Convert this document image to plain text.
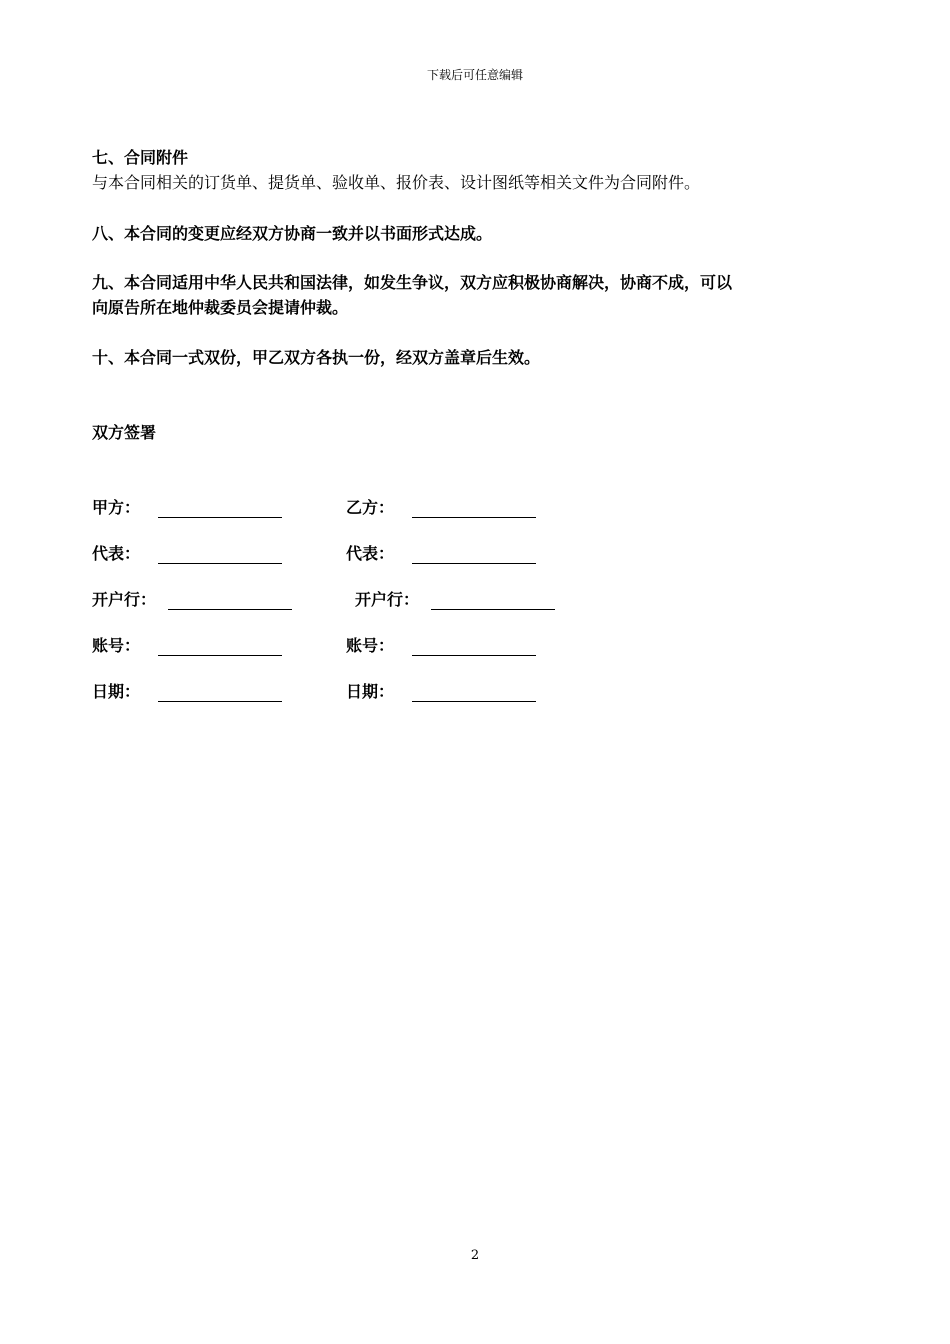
下载后可任意编辑
七、合同附件
与本合同相关的订货单、提货单、验收单、报价表、设计图纸等相关文件为合同附件。
八、本合同的变更应经双方协商一致并以书面形式达成。
九、本合同适用中华人民共和国法律，如发生争议，双方应积极协商解决，协商不成，可以
向原告所在地仲裁委员会提请仲裁。
十、本合同一式双份，甲乙双方各执一份，经双方盖章后生效。
双方签署
甲方：
代表：
开户行：
账号：
日期：
乙方：
代表：
开户行：
账号：
日期：
2
